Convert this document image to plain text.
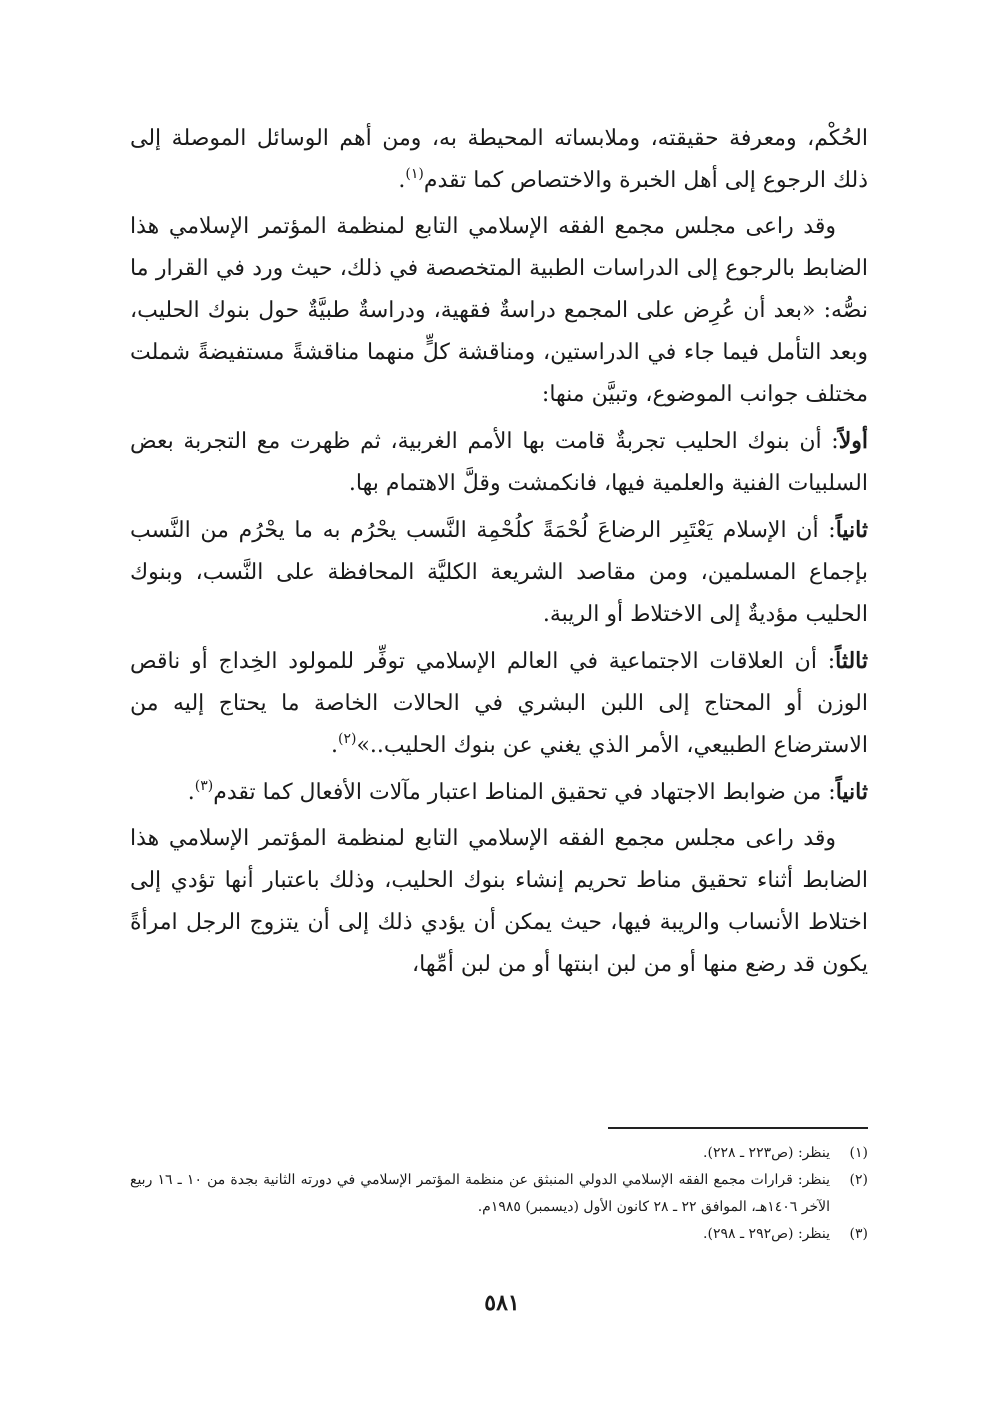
الحُكْم، ومعرفة حقيقته، وملابساته المحيطة به، ومن أهم الوسائل الموصلة إلى ذلك الرجوع إلى أهل الخبرة والاختصاص كما تقدم$^{(١)}$.

وقد راعى مجلس مجمع الفقه الإسلامي التابع لمنظمة المؤتمر الإسلامي هذا الضابط بالرجوع إلى الدراسات الطبية المتخصصة في ذلك، حيث ورد في القرار ما نصُّه: «بعد أن عُرِض على المجمع دراسةٌ فقهية، ودراسةٌ طبيَّةٌ حول بنوك الحليب، وبعد التأمل فيما جاء في الدراستين، ومناقشة كلٍّ منهما مناقشةً مستفيضةً شملت مختلف جوانب الموضوع، وتبيَّن منها:

أولاً: أن بنوك الحليب تجربةٌ قامت بها الأمم الغربية، ثم ظهرت مع التجربة بعض السلبيات الفنية والعلمية فيها، فانكمشت وقلَّ الاهتمام بها.

ثانياً: أن الإسلام يَعْتَبِر الرضاعَ لُحْمَةً كلُحْمِة النَّسب يحْرُم به ما يحْرُم من النَّسب بإجماع المسلمين، ومن مقاصد الشريعة الكليَّة المحافظة على النَّسب، وبنوك الحليب مؤديةٌ إلى الاختلاط أو الريبة.

ثالثاً: أن العلاقات الاجتماعية في العالم الإسلامي توفِّر للمولود الخِداج أو ناقص الوزن أو المحتاج إلى اللبن البشري في الحالات الخاصة ما يحتاج إليه من الاسترضاع الطبيعي، الأمر الذي يغني عن بنوك الحليب..»$^{(٢)}$.

ثانياً: من ضوابط الاجتهاد في تحقيق المناط اعتبار مآلات الأفعال كما تقدم$^{(٣)}$.

وقد راعى مجلس مجمع الفقه الإسلامي التابع لمنظمة المؤتمر الإسلامي هذا الضابط أثناء تحقيق مناط تحريم إنشاء بنوك الحليب، وذلك باعتبار أنها تؤدي إلى اختلاط الأنساب والريبة فيها، حيث يمكن أن يؤدي ذلك إلى أن يتزوج الرجل امرأةً يكون قد رضع منها أو من لبن ابنتها أو من لبن أمِّها،

(١)
ينظر: (ص٢٢٣ ـ ٢٢٨).
(٢)
ينظر: قرارات مجمع الفقه الإسلامي الدولي المنبثق عن منظمة المؤتمر الإسلامي في دورته الثانية بجدة من ١٠ ـ ١٦ ربيع الآخر ١٤٠٦هـ، الموافق ٢٢ ـ ٢٨ كانون الأول (ديسمبر) ١٩٨٥م.
(٣)
ينظر: (ص٢٩٢ ـ ٢٩٨).
٥٨١
